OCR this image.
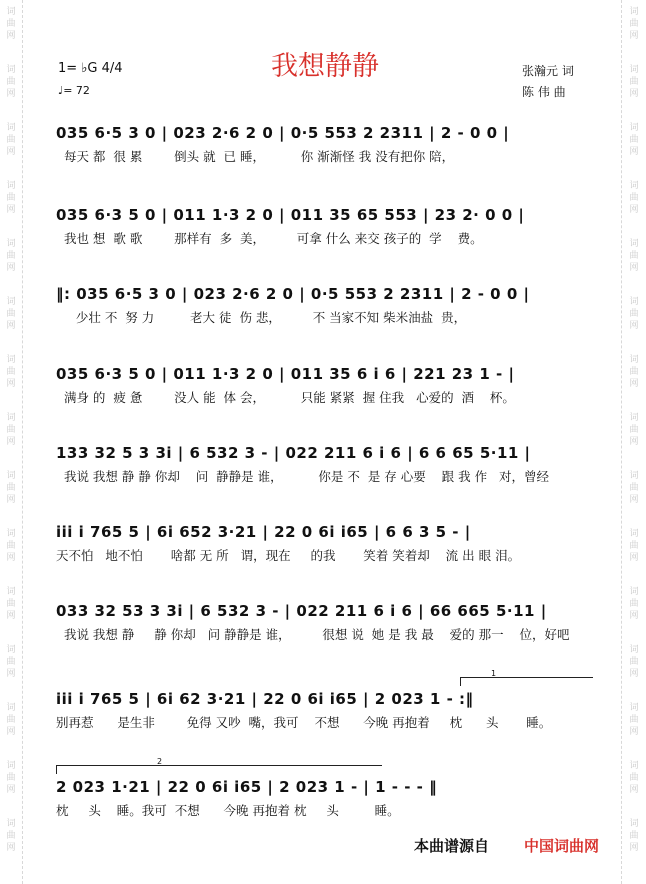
词
曲
网
词
曲
网
词
曲
网
词
曲
网
词
曲
网
词
曲
网
词
曲
网
词
曲
网
词
曲
网
词
曲
网
词
曲
网
词
曲
网
词
曲
网
词
曲
网
词
曲
网
词
曲
网
词
曲
网
词
曲
网
词
曲
网
词
曲
网
词
曲
网
词
曲
网
词
曲
网
词
曲
网
词
曲
网
词
曲
网
词
曲
网
词
曲
网
词
曲
网
词
曲
网
我想静静
1= ♭G 4/4
♩= 72
张瀚元 词
陈 伟 曲
035 6·5 3 0 | 023 2·6 2 0 | 0·5 553 2 2311 | 2 - 0 0 |
每天 都  很 累        倒头 就  已 睡，         你 渐渐怪 我 没有把你 陪，
035 6·3 5 0 | 011 1·3 2 0 | 011 35 65 553 | 23 2· 0 0 |
我也 想  歌 歌        那样有  多  美，        可拿 什么 来交 孩子的  学    费。
‖: 035 6·5 3 0 | 023 2·6 2 0 | 0·5 553 2 2311 | 2 - 0 0 |
少壮 不  努 力         老大 徒  伤 悲，        不 当家不知 柴米油盐  贵，
035 6·3 5 0 | 011 1·3 2 0 | 011 35 6 i 6 | 221 23 1 - |
满身 的  疲 惫        没人 能  体 会，         只能 紧紧  握 住我   心爱的  酒    杯。
133 32 5 3 3i | 6 532 3 - | 022 211 6 i 6 | 6 6 65 5·11 |
我说 我想 静 静 你却    问  静静是 谁，         你是 不  是 存 心要    跟 我 作   对，曾经
iii i 765 5 | 6i 652 3·21 | 22 0 6i i65 | 6 6 3 5 - |
天不怕   地不怕       啥都 无 所   谓，现在     的我       笑着 笑着却    流 出 眼 泪。
033 32 53 3 3i | 6 532 3 - | 022 211 6 i 6 | 66 665 5·11 |
我说 我想 静     静 你却   问 静静是 谁，        很想 说  她 是 我 最    爱的 那一    位，好吧
1
iii i 765 5 | 6i 62 3·21 | 22 0 6i i65 | 2 023 1 - :‖
别再惹      是生非        免得 又吵  嘴，我可    不想      今晚 再抱着     枕      头       睡。
2
2 023 1·21 | 22 0 6i i65 | 2 023 1 - | 1 - - - ‖
枕     头    睡。我可  不想      今晚 再抱着 枕     头         睡。
本曲谱源自 中国词曲网
